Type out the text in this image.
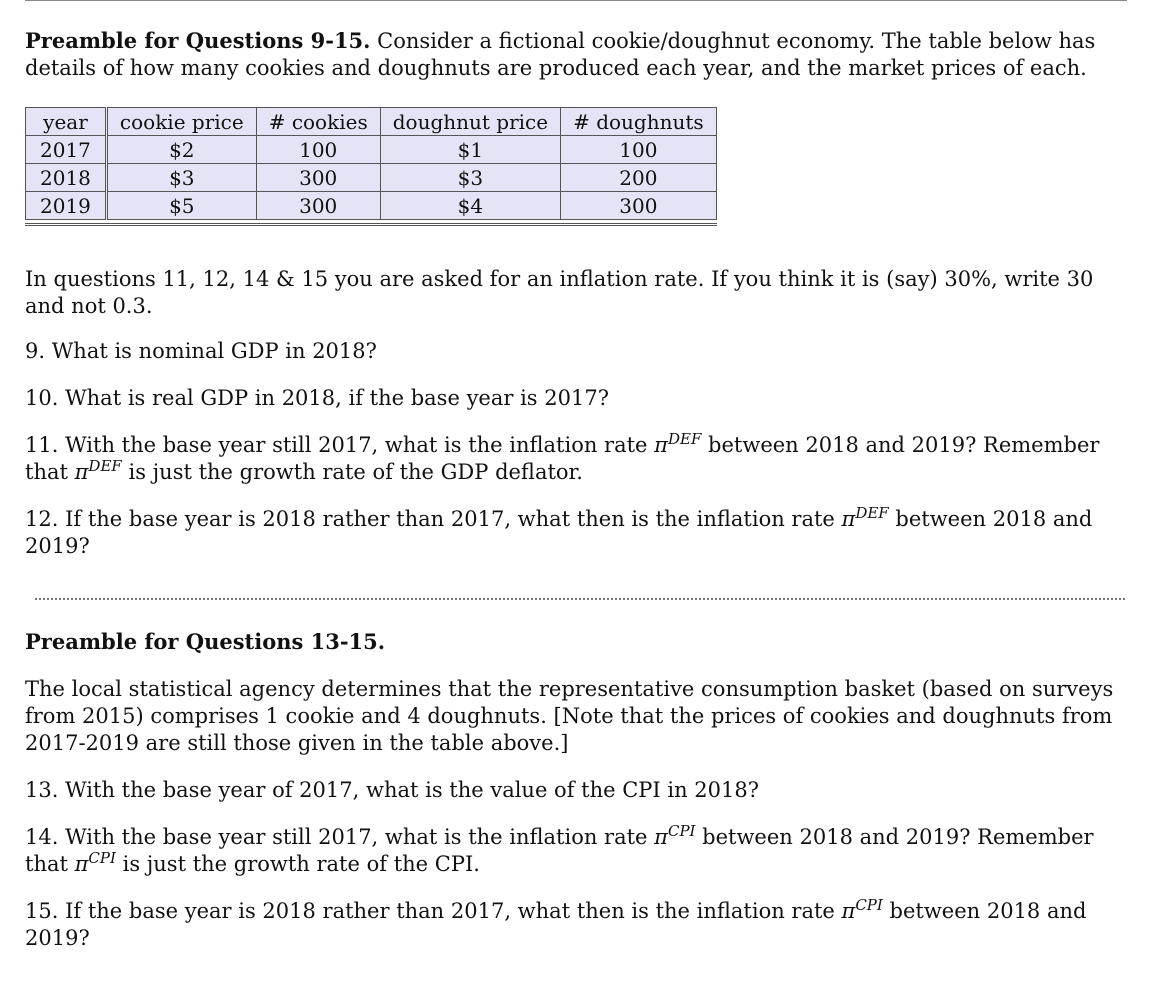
Preamble for Questions 9-15. Consider a fictional cookie/doughnut economy. The table below has details of how many cookies and doughnuts are produced each year, and the market prices of each.

year	cookie price	# cookies	doughnut price	# doughnuts
2017	$2	100	$1	100
2018	$3	300	$3	200
2019	$5	300	$4	300

In questions 11, 12, 14 & 15 you are asked for an inflation rate. If you think it is (say) 30%, write 30 and not 0.3.

9. What is nominal GDP in 2018?

10. What is real GDP in 2018, if the base year is 2017?

11. With the base year still 2017, what is the inflation rate $\pi^{DEF}$ between 2018 and 2019? Remember that $\pi^{DEF}$ is just the growth rate of the GDP deflator.

12. If the base year is 2018 rather than 2017, what then is the inflation rate $\pi^{DEF}$ between 2018 and 2019?

Preamble for Questions 13-15.

The local statistical agency determines that the representative consumption basket (based on surveys from 2015) comprises 1 cookie and 4 doughnuts. [Note that the prices of cookies and doughnuts from 2017-2019 are still those given in the table above.]

13. With the base year of 2017, what is the value of the CPI in 2018?

14. With the base year still 2017, what is the inflation rate $\pi^{CPI}$ between 2018 and 2019? Remember that $\pi^{CPI}$ is just the growth rate of the CPI.

15. If the base year is 2018 rather than 2017, what then is the inflation rate $\pi^{CPI}$ between 2018 and 2019?
